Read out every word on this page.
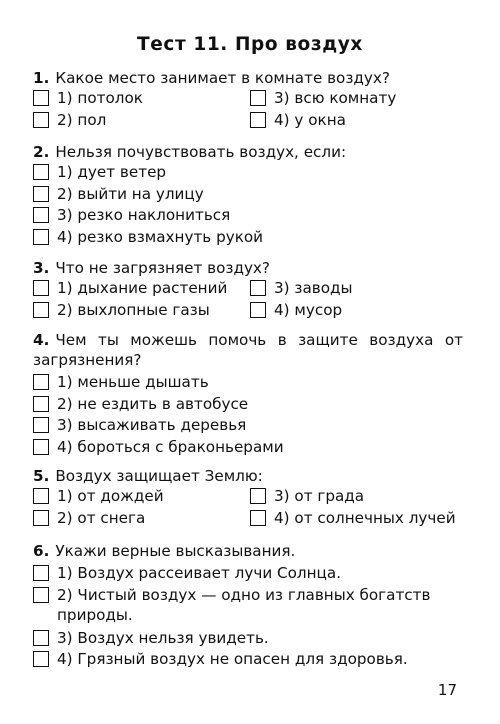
Тест 11. Про воздух
1. Какое место занимает в комнате воздух?
1) потолок	3) всю комнату
2) пол	4) у окна
2. Нельзя почувствовать воздух, если:
1) дует ветер
2) выйти на улицу
3) резко наклониться
4) резко взмахнуть рукой
3. Что не загрязняет воздух?
1) дыхание растений	3) заводы
2) выхлопные газы	4) мусор
4. Чем ты можешь помочь в защите воздуха от загрязнения?
1) меньше дышать
2) не ездить в автобусе
3) высаживать деревья
4) бороться с браконьерами
5. Воздух защищает Землю:
1) от дождей	3) от града
2) от снега	4) от солнечных лучей
6. Укажи верные высказывания.
1) Воздух рассеивает лучи Солнца.
2) Чистый воздух — одно из главных богатств природы.
3) Воздух нельзя увидеть.
4) Грязный воздух не опасен для здоровья.
17
